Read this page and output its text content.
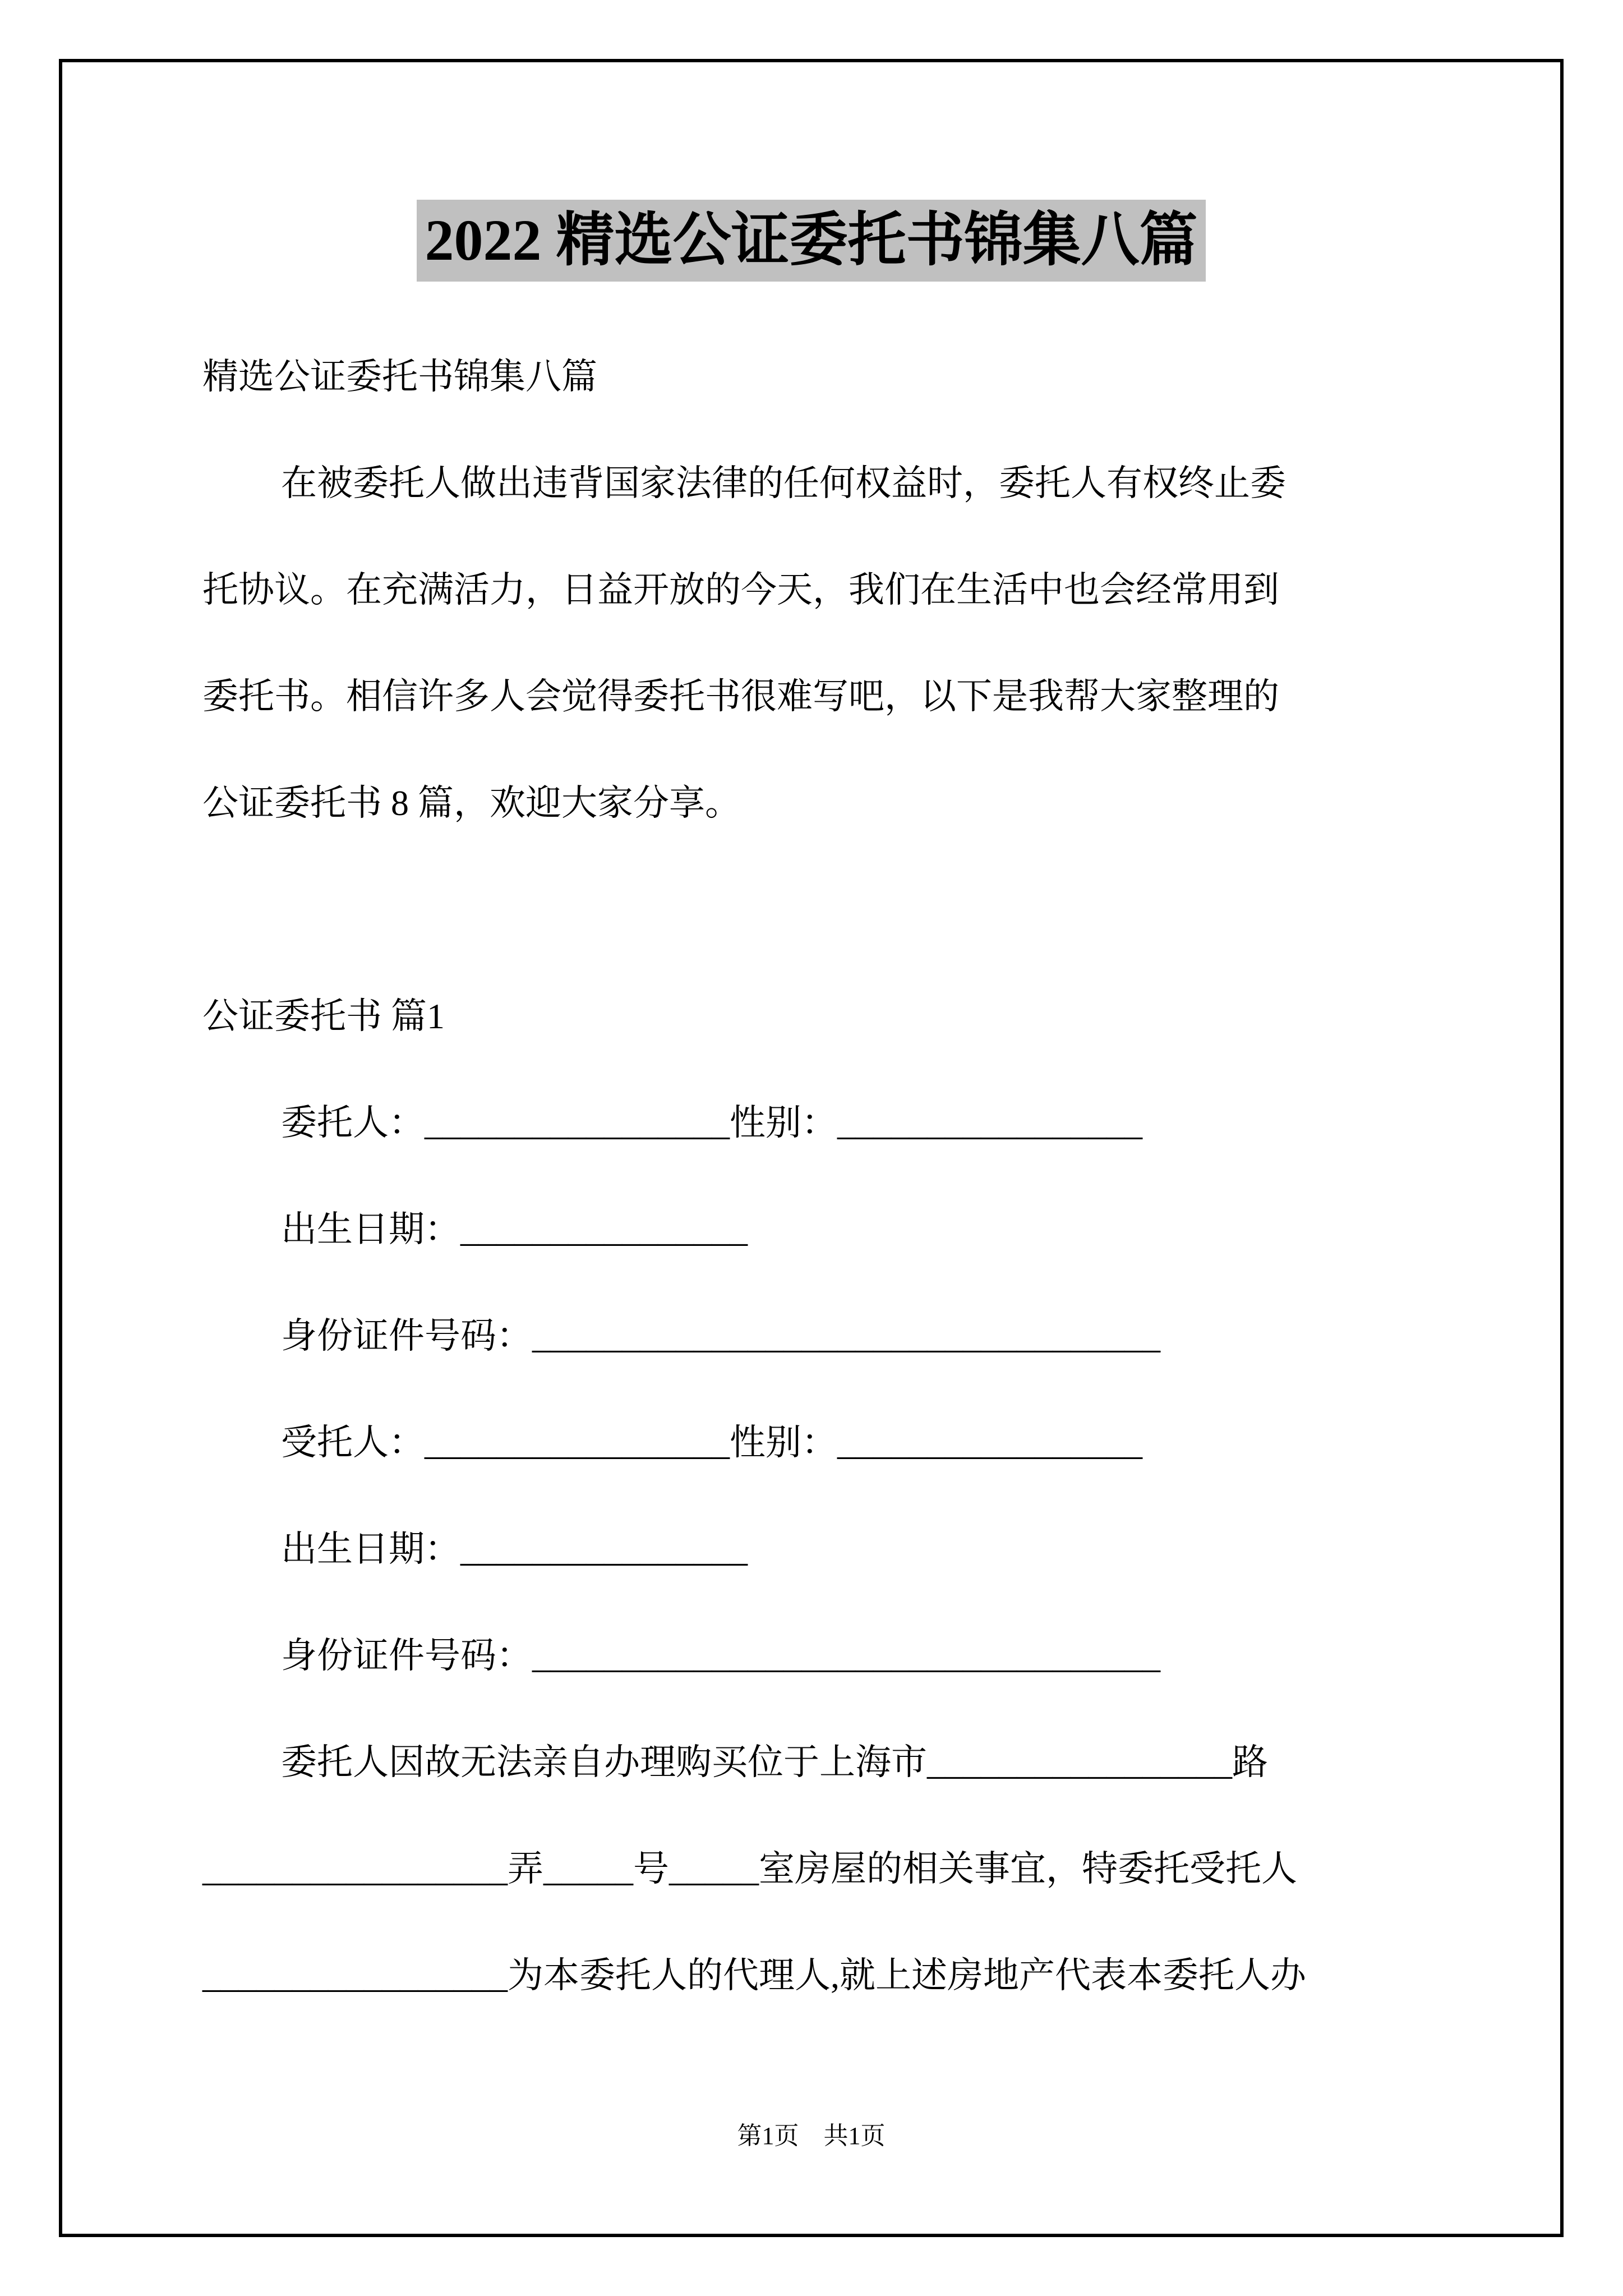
2022 精选公证委托书锦集八篇
精选公证委托书锦集八篇
在被委托人做出违背国家法律的任何权益时，委托人有权终止委
托协议。在充满活力，日益开放的今天，我们在生活中也会经常用到
委托书。相信许多人会觉得委托书很难写吧，以下是我帮大家整理的
公证委托书 8 篇，欢迎大家分享。
公证委托书 篇1
委托人：_________________性别：_________________
出生日期：________________
身份证件号码：___________________________________
受托人：_________________性别：_________________
出生日期：________________
身份证件号码：___________________________________
委托人因故无法亲自办理购买位于上海市_________________路
_________________弄_____号_____室房屋的相关事宜，特委托受托人
_________________为本委托人的代理人,就上述房地产代表本委托人办
第1页　共1页
